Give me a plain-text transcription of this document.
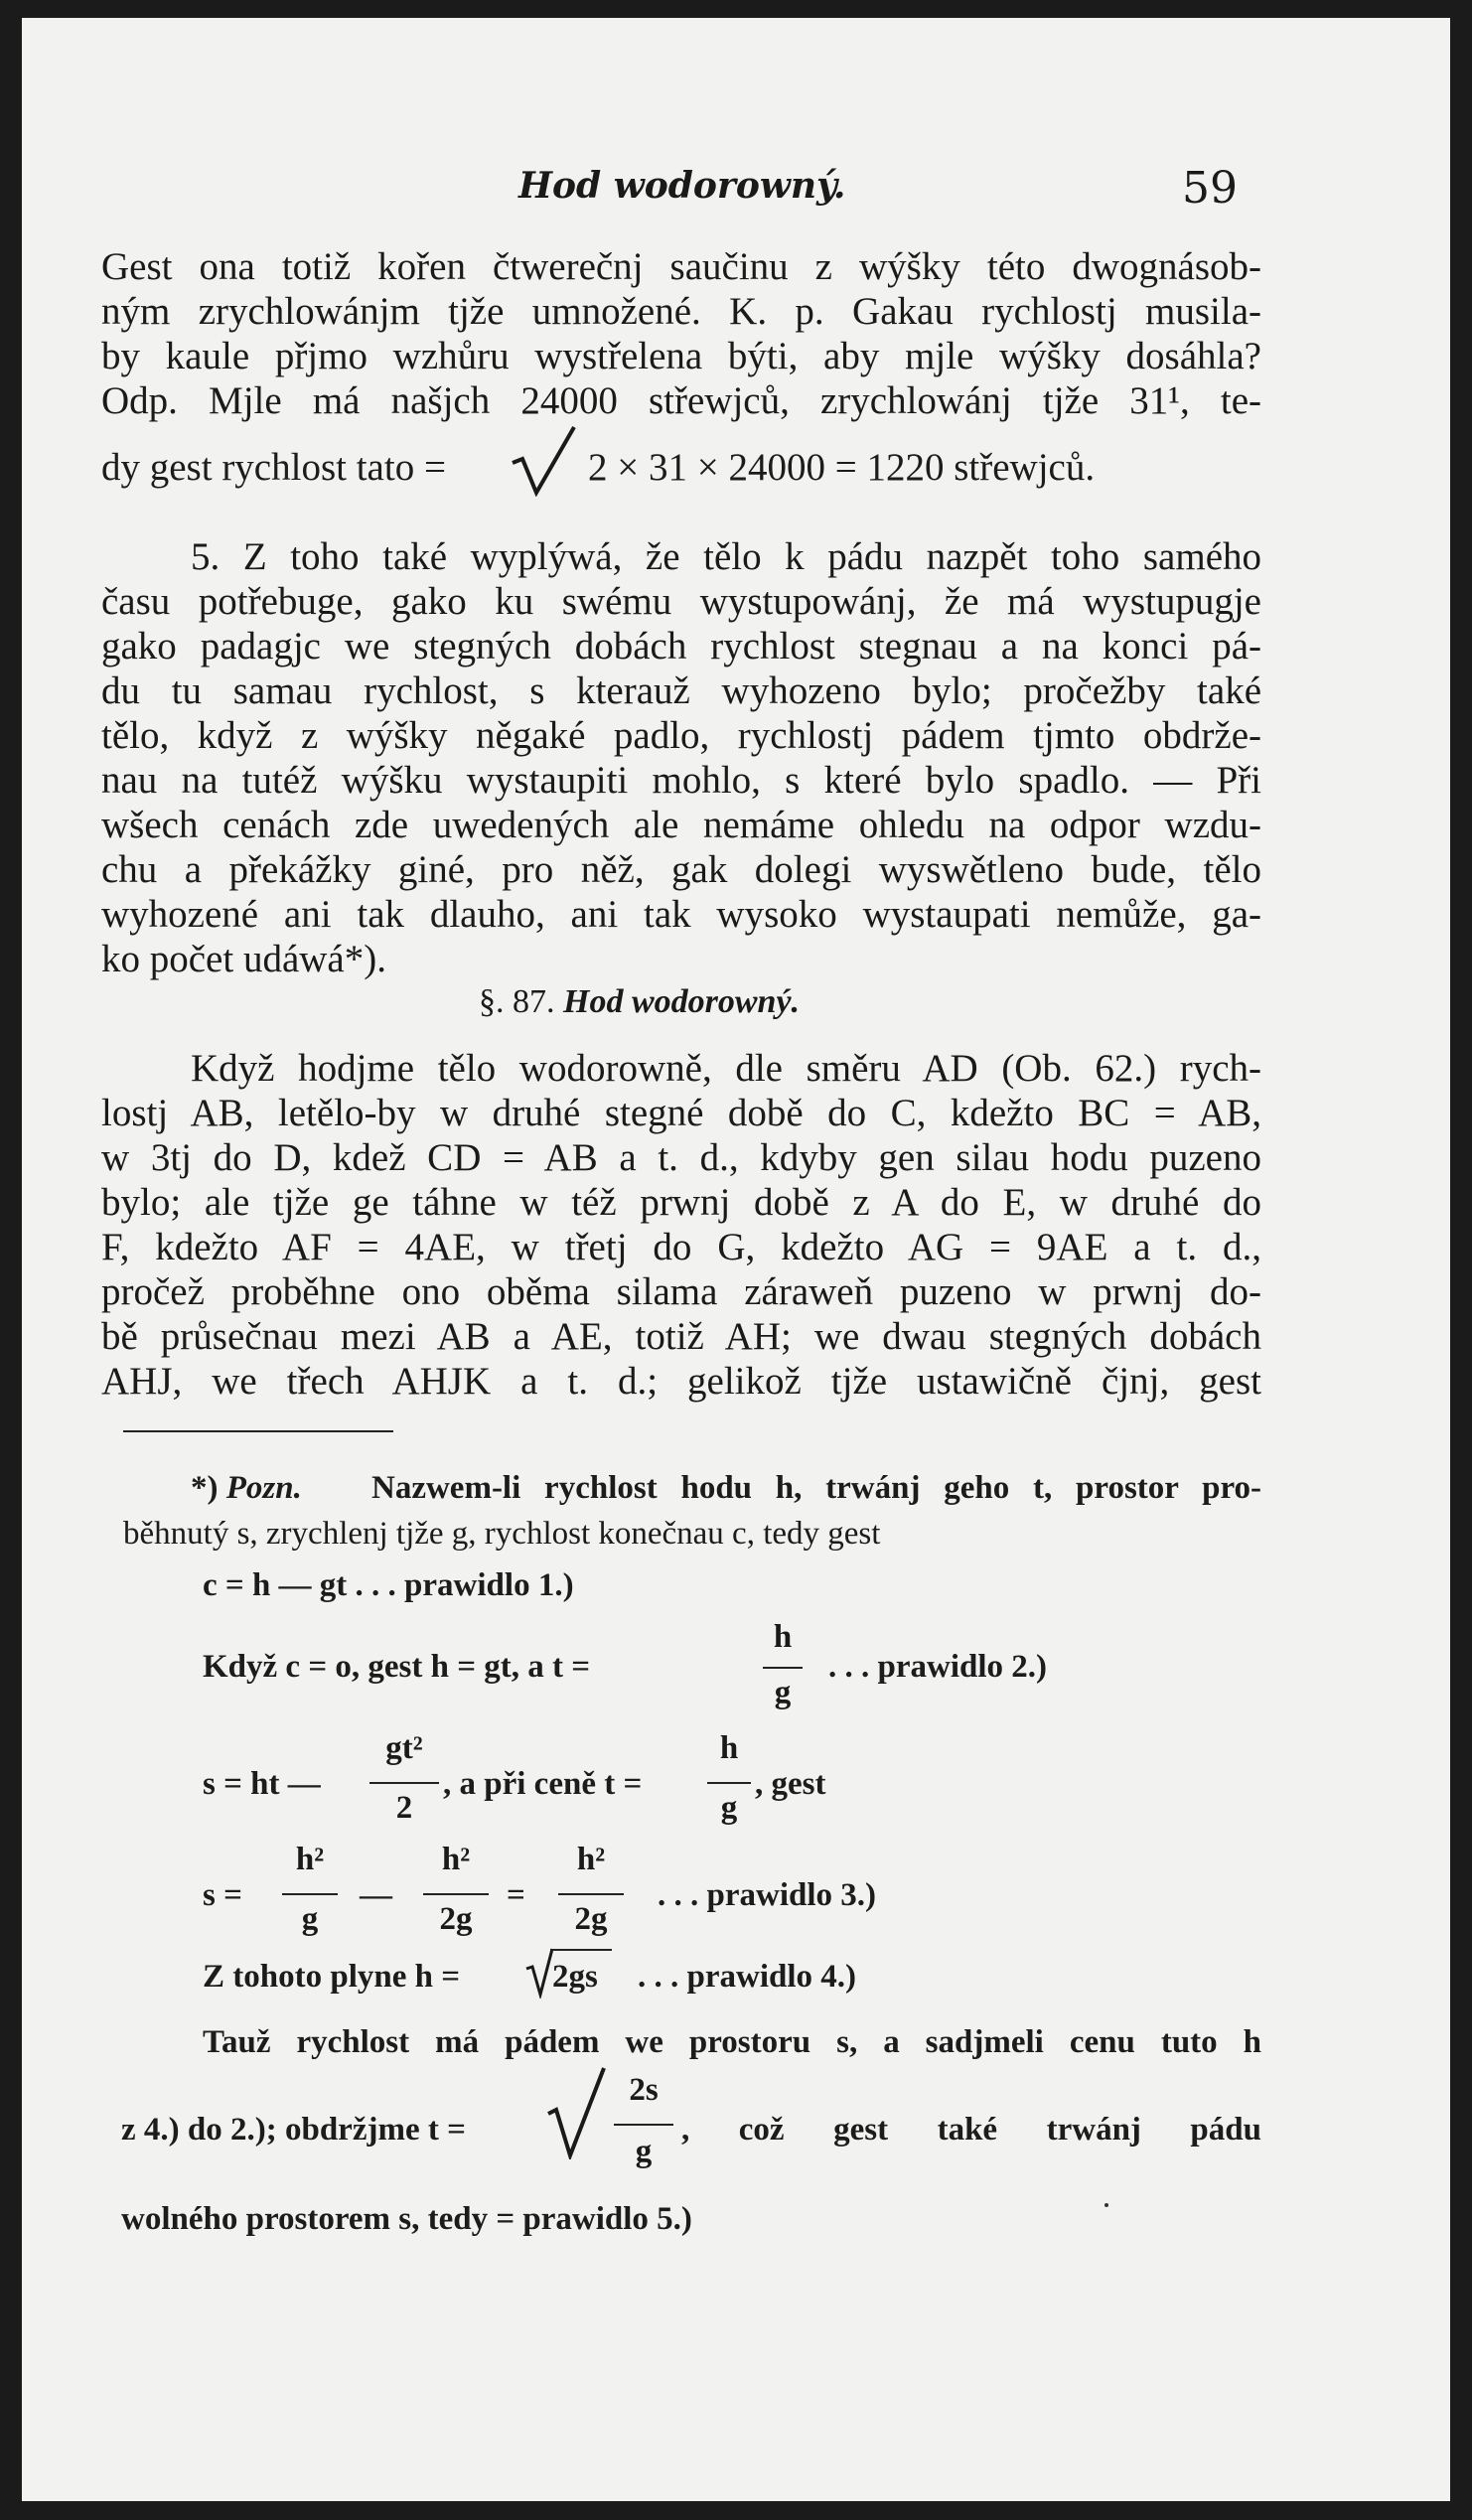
Hod wodorowný.	59
Gest ona totiž kořen čtwerečnj saučinu z wýšky této dwognásob-
ným zrychlowánjm tjže umnožené. K. p. Gakau rychlostj musila-
by kaule přjmo wzhůru wystřelena býti, aby mjle wýšky dosáhla?
Odp. Mjle má našjch 24000 střewjců, zrychlowánj tjže 31¹, te-
dy gest rychlost tato =	2 × 31 × 24000 = 1220 střewjců.
5. Z toho také wyplýwá, že tělo k pádu nazpět toho samého
času potřebuge, gako ku swému wystupowánj, že má wystupugje
gako padagjc we stegných dobách rychlost stegnau a na konci pá-
du tu samau rychlost, s kterauž wyhozeno bylo; pročežby také
tělo, když z wýšky něgaké padlo, rychlostj pádem tjmto obdrže-
nau na tutéž wýšku wystaupiti mohlo, s které bylo spadlo. — Při
wšech cenách zde uwedených ale nemáme ohledu na odpor wzdu-
chu a překážky giné, pro něž, gak dolegi wyswětleno bude, tělo
wyhozené ani tak dlauho, ani tak wysoko wystaupati nemůže, ga-
ko počet udáwá*).
§. 87. Hod wodorowný.
Když hodjme tělo wodorowně, dle směru AD (Ob. 62.) rych-
lostj AB, letělo-by w druhé stegné době do C, kdežto BC = AB,
w 3tj do D, kdež CD = AB a t. d., kdyby gen silau hodu puzeno
bylo; ale tjže ge táhne w též prwnj době z A do E, w druhé do
F, kdežto AF = 4AE, w třetj do G, kdežto AG = 9AE a t. d.,
pročež proběhne ono oběma silama záraweň puzeno w prwnj do-
bě průsečnau mezi AB a AE, totiž AH; we dwau stegných dobách
AHJ, we třech AHJK a t. d.; gelikož tjže ustawičně čjnj, gest
*) Pozn. Nazwem-li rychlost hodu h, trwánj geho t, prostor pro-
běhnutý s, zrychlenj tjže g, rychlost konečnau c, tedy gest
c = h — gt . . . prawidlo 1.)
Když c = o, gest h = gt, a t =
h
g
. . . prawidlo 2.)
s = ht —
gt²
2
, a při ceně t =
h
g
, gest
s =
h²
g
—
h²
2g
=
h²
2g
. . . prawidlo 3.)
Z tohoto plyne h =	2gs . . . prawidlo 4.)
Tauž rychlost má pádem we prostoru s, a sadjmeli cenu tuto h
z 4.) do 2.); obdržjme t =
2s
g
, což gest také trwánj pádu
wolného prostorem s, tedy = prawidlo 5.)
